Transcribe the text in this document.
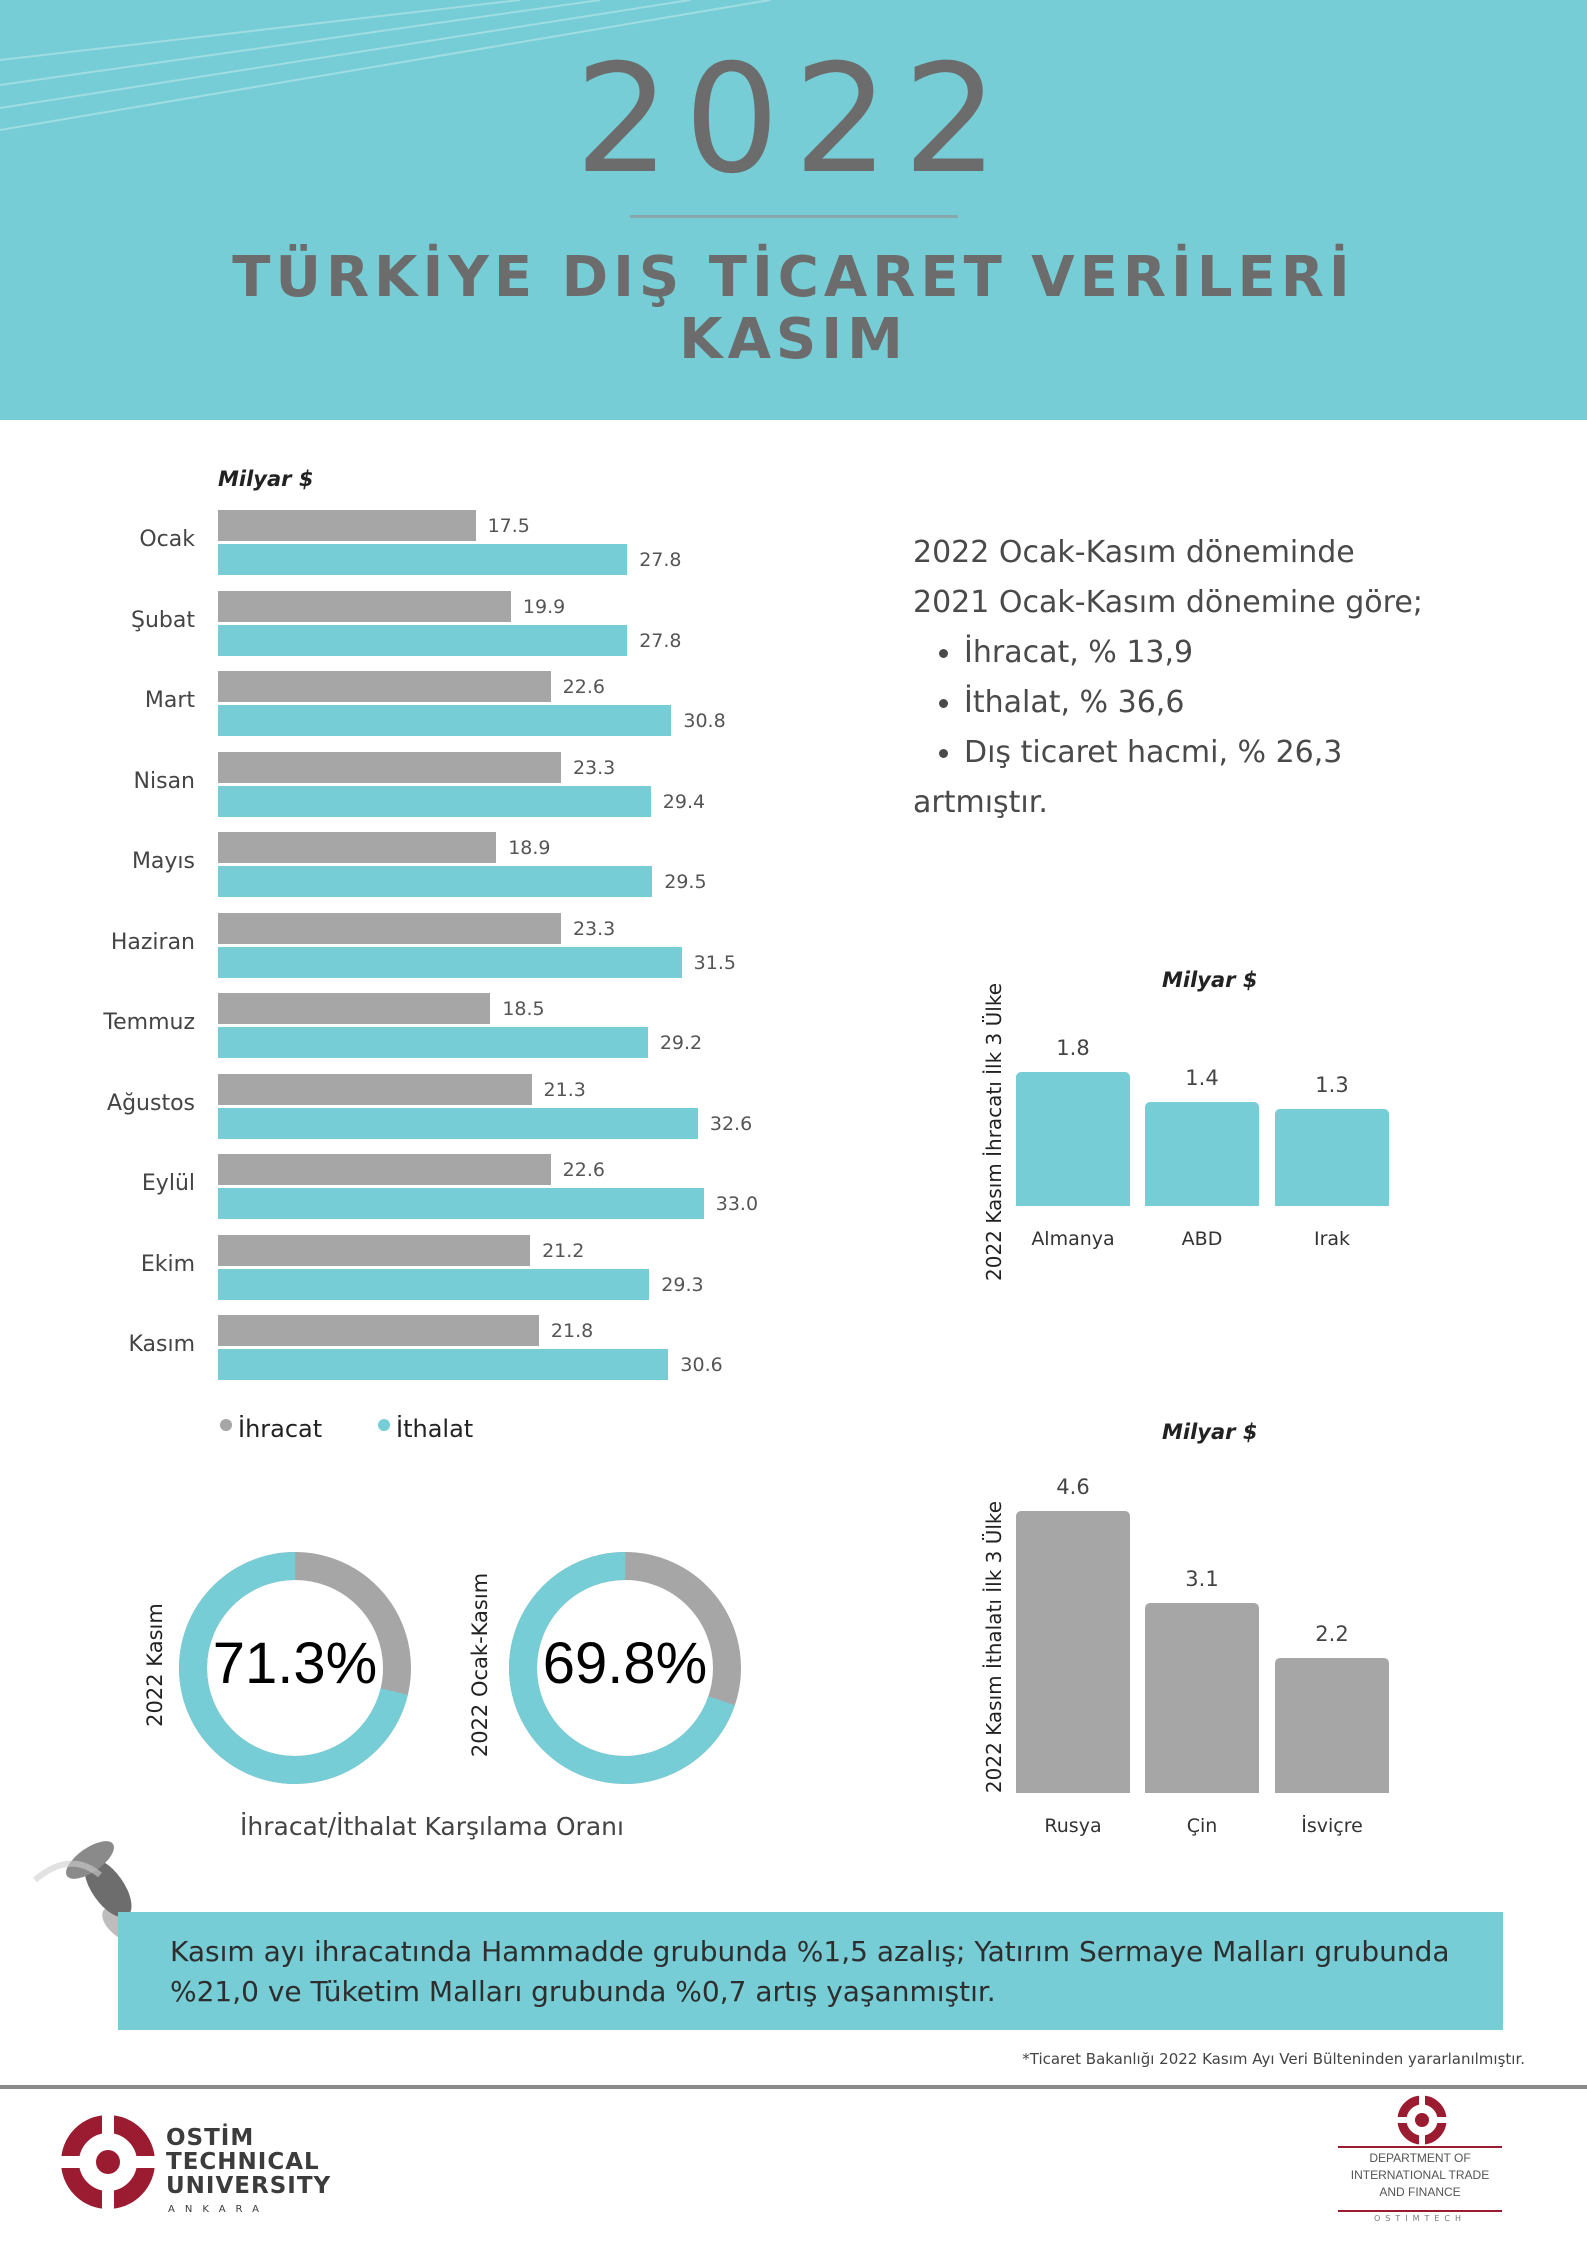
2022
TÜRKİYE DIŞ TİCARET VERİLERİ
KASIM
Milyar $
Ocak
17.5
27.8
Şubat
19.9
27.8
Mart
22.6
30.8
Nisan
23.3
29.4
Mayıs
18.9
29.5
Haziran
23.3
31.5
Temmuz
18.5
29.2
Ağustos
21.3
32.6
Eylül
22.6
33.0
Ekim
21.2
29.3
Kasım
21.8
30.6
İhracat	İthalat
2022 Ocak-Kasım döneminde
2021 Ocak-Kasım dönemine göre;
İhracat, % 13,9
İthalat, % 36,6
Dış ticaret hacmi, % 26,3
artmıştır.
2022 Kasım İhracatı İlk 3 Ülke
Milyar $
1.8
Almanya
1.4
ABD
1.3
Irak
Milyar $
2022 Kasım İthalatı İlk 3 Ülke
4.6
Rusya
3.1
Çin
2.2
İsviçre
2022 Kasım 71.3%	2022 Ocak-Kasım 69.8%
İhracat/İthalat Karşılama Oranı
Kasım ayı ihracatında Hammadde grubunda %1,5 azalış; Yatırım Sermaye Malları grubunda %21,0 ve Tüketim Malları grubunda %0,7 artış yaşanmıştır.
*Ticaret Bakanlığı 2022 Kasım Ayı Veri Bülteninden yararlanılmıştır.
OSTİM
TECHNICAL
UNIVERSITY
ANKARA
DEPARTMENT OF
INTERNATIONAL TRADE
AND FINANCE
OSTIMTECH
